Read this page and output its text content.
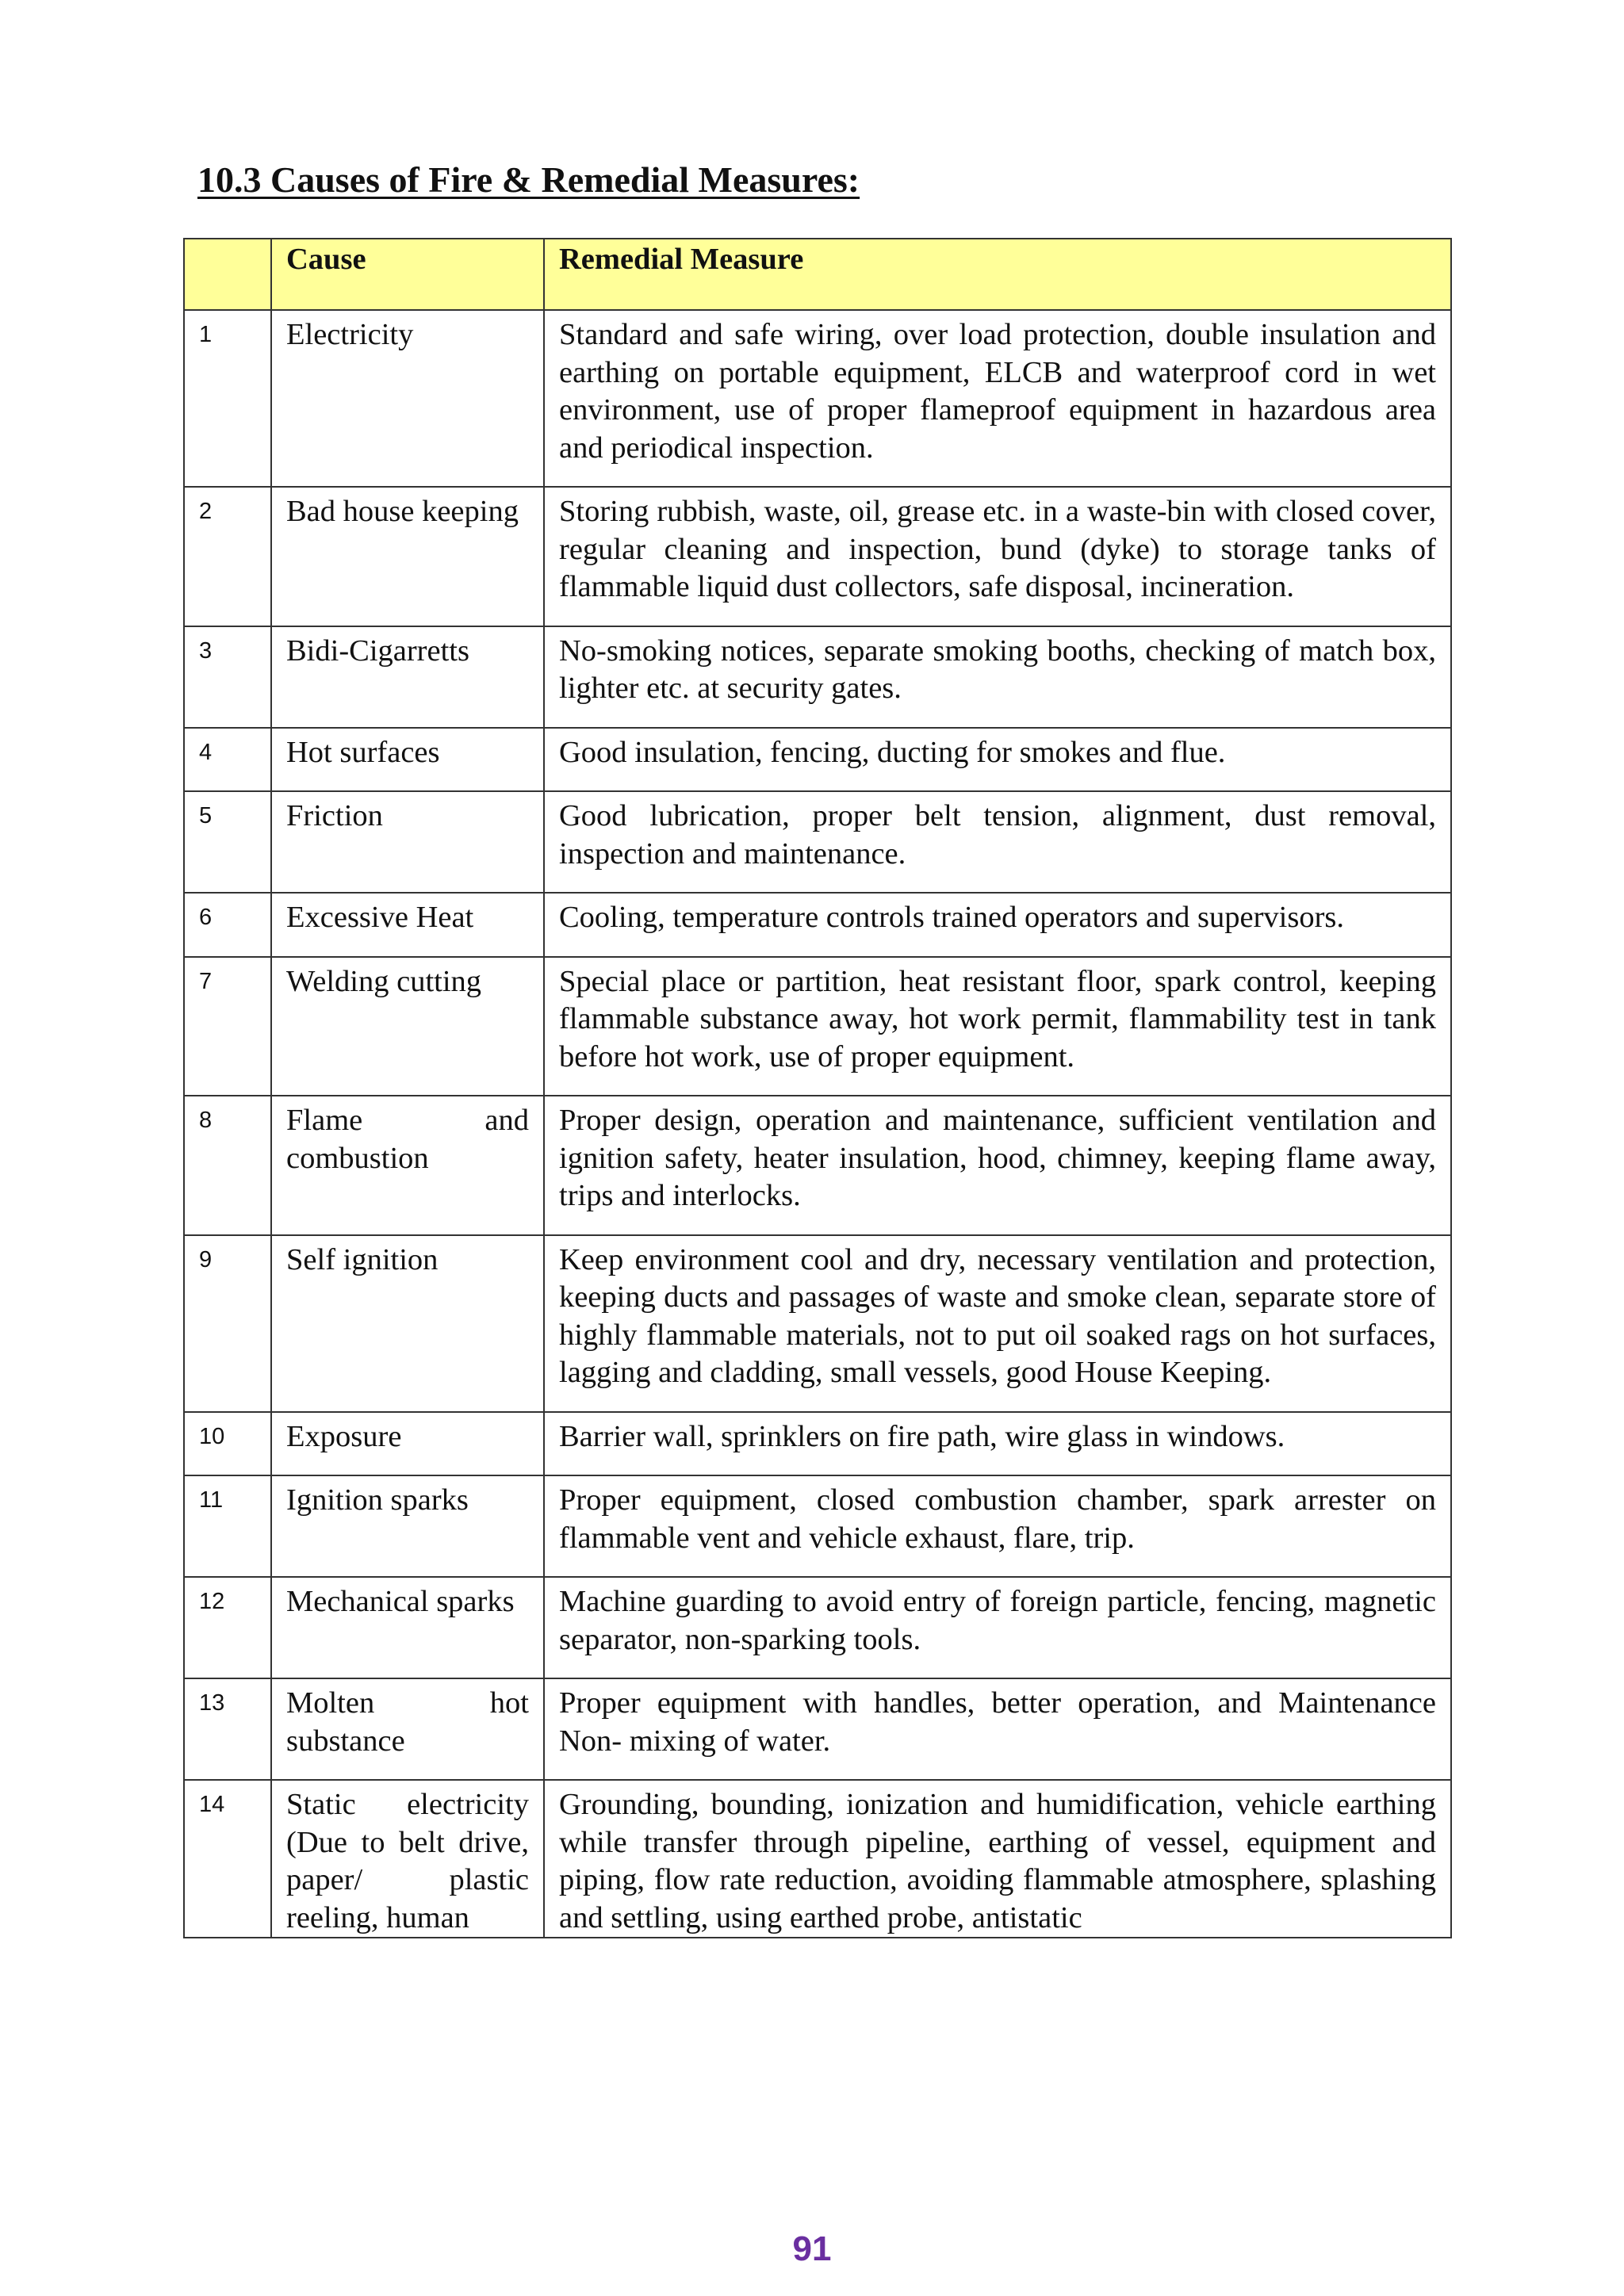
10.3 Causes of Fire & Remedial Measures:
	Cause	Remedial Measure
1	Electricity	Standard and safe wiring, over load protection, double insulation and earthing on portable equipment, ELCB and waterproof cord in wet environment, use of proper flameproof equipment in hazardous area and periodical inspection.
2	Bad house keeping	Storing rubbish, waste, oil, grease etc. in a waste-bin with closed cover, regular cleaning and inspection, bund (dyke) to storage tanks of flammable liquid dust collectors, safe disposal, incineration.
3	Bidi-Cigarretts	No-smoking notices, separate smoking booths, checking of match box, lighter etc. at security gates.
4	Hot surfaces	Good insulation, fencing, ducting for smokes and flue.
5	Friction	Good lubrication, proper belt tension, alignment, dust removal, inspection and maintenance.
6	Excessive Heat	Cooling, temperature controls trained operators and supervisors.
7	Welding cutting	Special place or partition, heat resistant floor, spark control, keeping flammable substance away, hot work permit, flammability test in tank before hot work, use of proper equipment.
8	Flame and combustion	Proper design, operation and maintenance, sufficient ventilation and ignition safety, heater insulation, hood, chimney, keeping flame away, trips and interlocks.
9	Self ignition	Keep environment cool and dry, necessary ventilation and protection, keeping ducts and passages of waste and smoke clean, separate store of highly flammable materials, not to put oil soaked rags on hot surfaces, lagging and cladding, small vessels, good House Keeping.
10	Exposure	Barrier wall, sprinklers on fire path, wire glass in windows.
11	Ignition sparks	Proper equipment, closed combustion chamber, spark arrester on flammable vent and vehicle exhaust, flare, trip.
12	Mechanical sparks	Machine guarding to avoid entry of foreign particle, fencing, magnetic separator, non-sparking tools.
13	Molten hot substance	Proper equipment with handles, better operation, and Maintenance Non- mixing of water.
14	Static electricity (Due to belt drive, paper/ plastic reeling, human	Grounding, bounding, ionization and humidification, vehicle earthing while transfer through pipeline, earthing of vessel, equipment and piping, flow rate reduction, avoiding flammable atmosphere, splashing and settling, using earthed probe, antistatic
91
